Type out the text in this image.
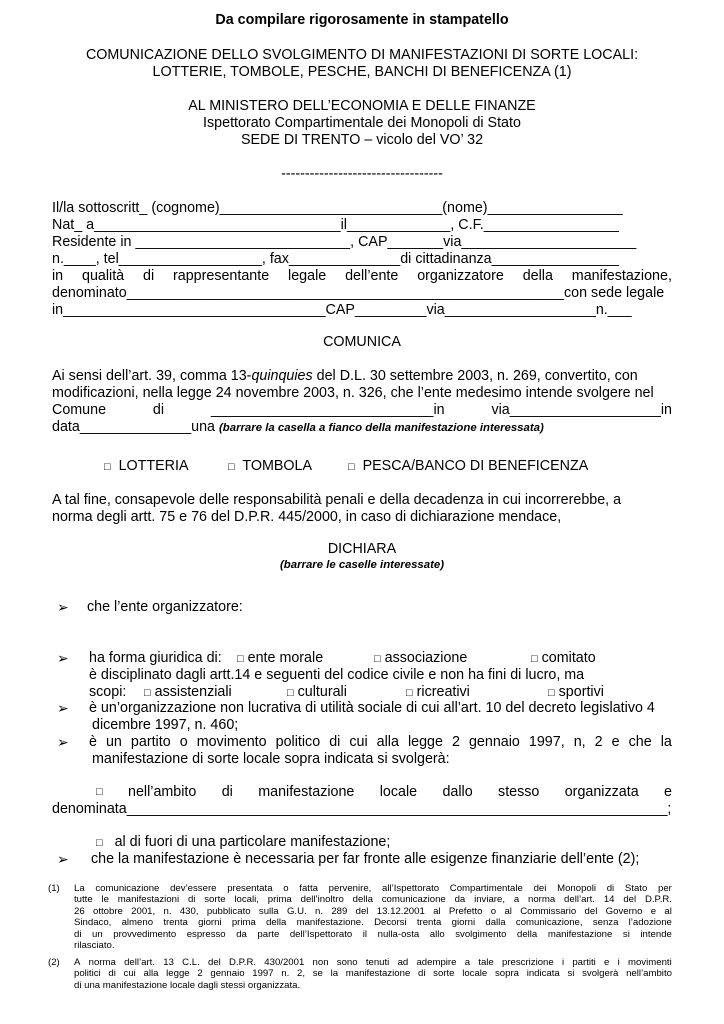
Da compilare rigorosamente in stampatello
COMUNICAZIONE DELLO SVOLGIMENTO DI MANIFESTAZIONI DI SORTE LOCALI:
LOTTERIE, TOMBOLE, PESCHE, BANCHI DI BENEFICENZA (1)
AL MINISTERO DELL’ECONOMIA E DELLE FINANZE
Ispettorato Compartimentale dei Monopoli di Stato
SEDE DI TRENTO – vicolo del VO’ 32
----------------------------------
Il/la sottoscritt_ (cognome)____________________________(nome)_________________
Nat_ a_______________________________il_____________, C.F._________________
Residente in ___________________________, CAP_______via______________________
n.____, tel__________________, fax______________di cittadinanza________________
in qualità di rappresentante legale dell’ente organizzatore della manifestazione,
denominato_______________________________________________________con sede legale
in_________________________________CAP_________via___________________n.___
COMUNICA
Ai sensi dell’art. 39, comma 13-quinquies del D.L. 30 settembre 2003, n. 269, convertito, con
modificazioni, nella legge 24 novembre 2003, n. 326, che l’ente medesimo intende svolgere nel
Comune	di	____________________________in	via___________________in
data______________una (barrare la casella a fianco della manifestazione interessata)
□ LOTTERIA	□ TOMBOLA	□ PESCA/BANCO DI BENEFICENZA
A tal fine, consapevole delle responsabilità penali e della decadenza in cui incorrerebbe, a
norma degli artt. 75 e 76 del D.P.R. 445/2000, in caso di dichiarazione mendace,
DICHIARA
(barrare le caselle interessate)
➢ che l’ente organizzatore:
➢ ha forma giuridica di: □ ente morale	□ associazione	□ comitato
è disciplinato dagli artt.14 e seguenti del codice civile e non ha fini di lucro, ma
scopi: □ assistenziali	□ culturali	□ ricreativi	□ sportivi
➢ è un’organizzazione non lucrativa di utilità sociale di cui all’art. 10 del decreto legislativo 4
dicembre 1997, n. 460;
➢ è un partito o movimento politico di cui alla legge 2 gennaio 1997, n, 2 e che la
manifestazione di sorte locale sopra indicata si svolgerà:
□ nell’ambito di manifestazione locale dallo stesso organizzata e
denominata____________________________________________________________________;
□ al di fuori di una particolare manifestazione;
➢ che la manifestazione è necessaria per far fronte alle esigenze finanziarie dell’ente (2);
(1) La comunicazione dev’essere presentata o fatta pervenire, all’Ispettorato Compartimentale dei Monopoli di Stato per
tutte le manifestazioni di sorte locali, prima dell’inoltro della comunicazione da inviare, a norma dell’art. 14 del D.P.R.
26 ottobre 2001, n. 430, pubblicato sulla G.U. n. 289 del 13.12.2001 al Prefetto o al Commissario del Governo e al
Sindaco, almeno trenta giorni prima della manifestazione. Decorsi trenta giorni dalla comunicazione, senza l’adozione
di un provvedimento espresso da parte dell’Ispettorato il nulla-osta allo svolgimento della manifestazione si intende
rilasciato.
(2) A norma dell’art. 13 C.L. del D.P.R. 430/2001 non sono tenuti ad adempire a tale prescrizione i partiti e i movimenti
politici di cui alla legge 2 gennaio 1997 n. 2, se la manifestazione di sorte locale sopra indicata si svolgerà nell’ambito
di una manifestazione locale dagli stessi organizzata.
